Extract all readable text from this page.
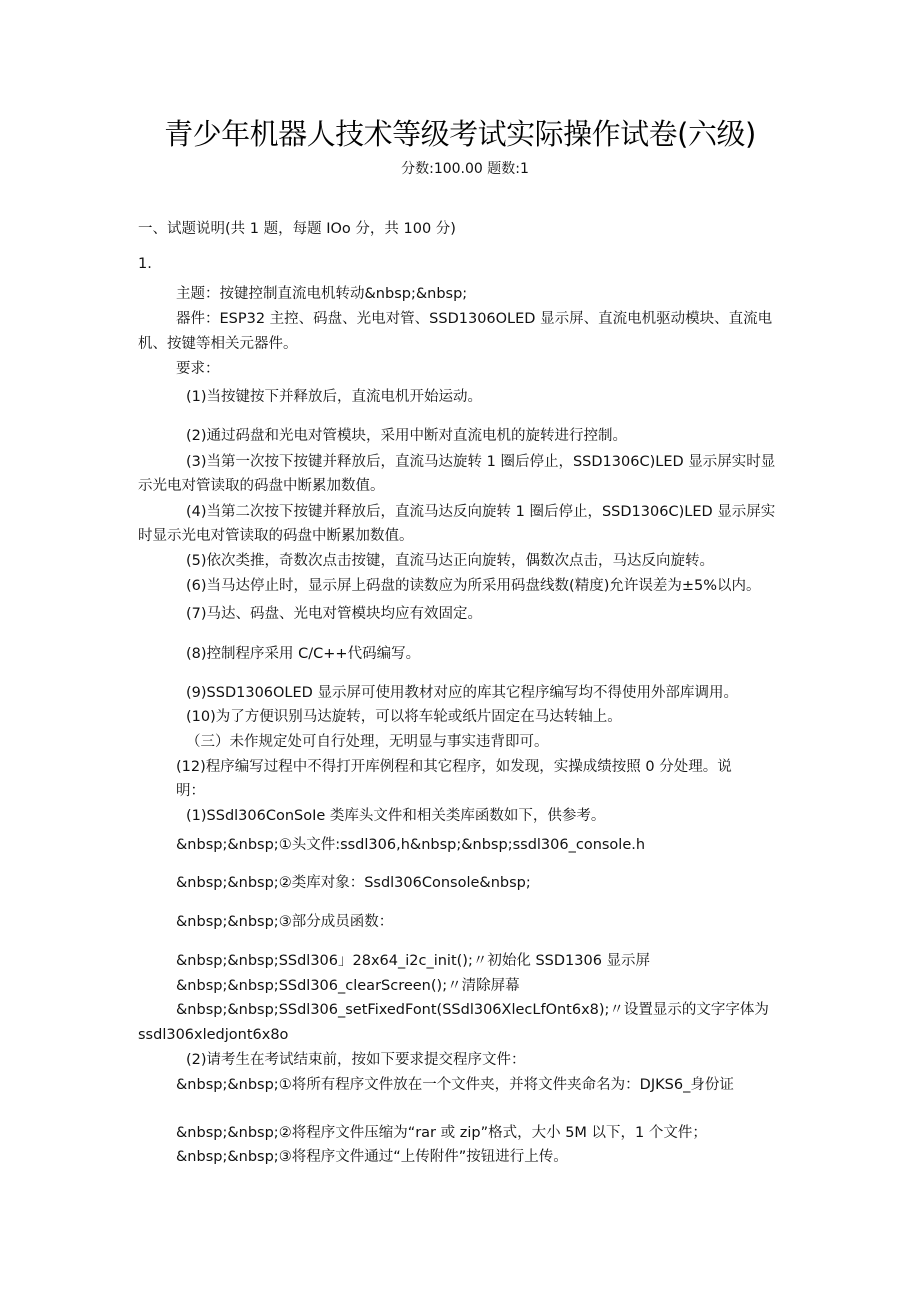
青少年机器人技术等级考试实际操作试卷(六级)
分数:100.00 题数:1
一、试题说明(共 1 题，每题 IOo 分，共 100 分)
1.
主题：按键控制直流电机转动&nbsp;&nbsp;
器件：ESP32 主控、码盘、光电对管、SSD1306OLED 显示屏、直流电机驱动模块、直流电
机、按键等相关元器件。
要求：
(1)当按键按下并释放后，直流电机开始运动。
(2)通过码盘和光电对管模块，采用中断对直流电机的旋转进行控制。
(3)当第一次按下按键并释放后，直流马达旋转 1 圈后停止，SSD1306C)LED 显示屏实时显
示光电对管读取的码盘中断累加数值。
(4)当第二次按下按键并释放后，直流马达反向旋转 1 圈后停止，SSD1306C)LED 显示屏实
时显示光电对管读取的码盘中断累加数值。
(5)依次类推，奇数次点击按键，直流马达正向旋转，偶数次点击，马达反向旋转。
(6)当马达停止时，显示屏上码盘的读数应为所采用码盘线数(精度)允许误差为±5%以内。
(7)马达、码盘、光电对管模块均应有效固定。
(8)控制程序采用 C/C++代码编写。
(9)SSD1306OLED 显示屏可使用教材对应的库其它程序编写均不得使用外部库调用。
(10)为了方便识别马达旋转，可以将车轮或纸片固定在马达转轴上。
（三）未作规定处可自行处理，无明显与事实违背即可。
(12)程序编写过程中不得打开库例程和其它程序，如发现，实操成绩按照 0 分处理。说
明：
(1)SSdl306ConSoIe 类库头文件和相关类库函数如下，供参考。
&nbsp;&nbsp;①头文件:ssdl306,h&nbsp;&nbsp;ssdl306_console.h
&nbsp;&nbsp;②类库对象：Ssdl306Console&nbsp;
&nbsp;&nbsp;③部分成员函数：
&nbsp;&nbsp;SSdl306」28x64_i2c_init();〃初始化 SSD1306 显示屏
&nbsp;&nbsp;SSdl306_clearScreen();〃清除屏幕
&nbsp;&nbsp;SSdl306_setFixedFont(SSdl306XlecLfOnt6x8);〃设置显示的文字字体为
ssdl306xledjont6x8o
(2)请考生在考试结束前，按如下要求提交程序文件：
&nbsp;&nbsp;①将所有程序文件放在一个文件夹，并将文件夹命名为：DJKS6_身份证
&nbsp;&nbsp;②将程序文件压缩为“rar 或 zip”格式，大小 5M 以下，1 个文件；
&nbsp;&nbsp;③将程序文件通过“上传附件”按钮进行上传。
